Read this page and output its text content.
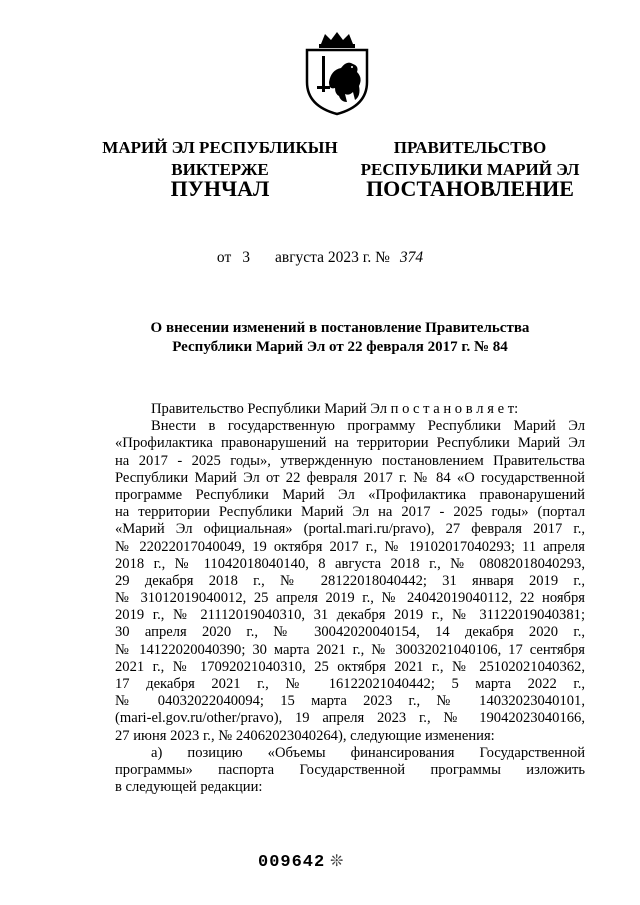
МАРИЙ ЭЛ РЕСПУБЛИКЫН
ВИКТЕРЖЕ
ПУНЧАЛ
ПРАВИТЕЛЬСТВО
РЕСПУБЛИКИ МАРИЙ ЭЛ
ПОСТАНОВЛЕНИЕ
от 3 августа 2023 г. № 374
О внесении изменений в постановление Правительства
Республики Марий Эл от 22 февраля 2017 г. № 84
Правительство Республики Марий Эл п о с т а н о в л я е т:
Внести в государственную программу Республики Марий Эл
«Профилактика правонарушений на территории Республики Марий Эл
на 2017 - 2025 годы», утвержденную постановлением Правительства
Республики Марий Эл от 22 февраля 2017 г. № 84 «О государственной
программе Республики Марий Эл «Профилактика правонарушений
на территории Республики Марий Эл на 2017 - 2025 годы» (портал
«Марий Эл официальная» (portal.mari.ru/pravo), 27 февраля 2017 г.,
№ 22022017040049, 19 октября 2017 г., № 19102017040293; 11 апреля
2018 г., № 11042018040140, 8 августа 2018 г., № 08082018040293,
29 декабря 2018 г., № 28122018040442; 31 января 2019 г.,
№ 31012019040012, 25 апреля 2019 г., № 24042019040112, 22 ноября
2019 г., № 21112019040310, 31 декабря 2019 г., № 31122019040381;
30 апреля 2020 г., № 30042020040154, 14 декабря 2020 г.,
№ 14122020040390; 30 марта 2021 г., № 30032021040106, 17 сентября
2021 г., № 17092021040310, 25 октября 2021 г., № 25102021040362,
17 декабря 2021 г., № 16122021040442; 5 марта 2022 г.,
№ 04032022040094; 15 марта 2023 г., № 14032023040101,
(mari-el.gov.ru/other/pravo), 19 апреля 2023 г., № 19042023040166,
27 июня 2023 г., № 24062023040264), следующие изменения:
а) позицию «Объемы финансирования Государственной
программы» паспорта Государственной программы изложить
в следующей редакции:
009642 ❊
